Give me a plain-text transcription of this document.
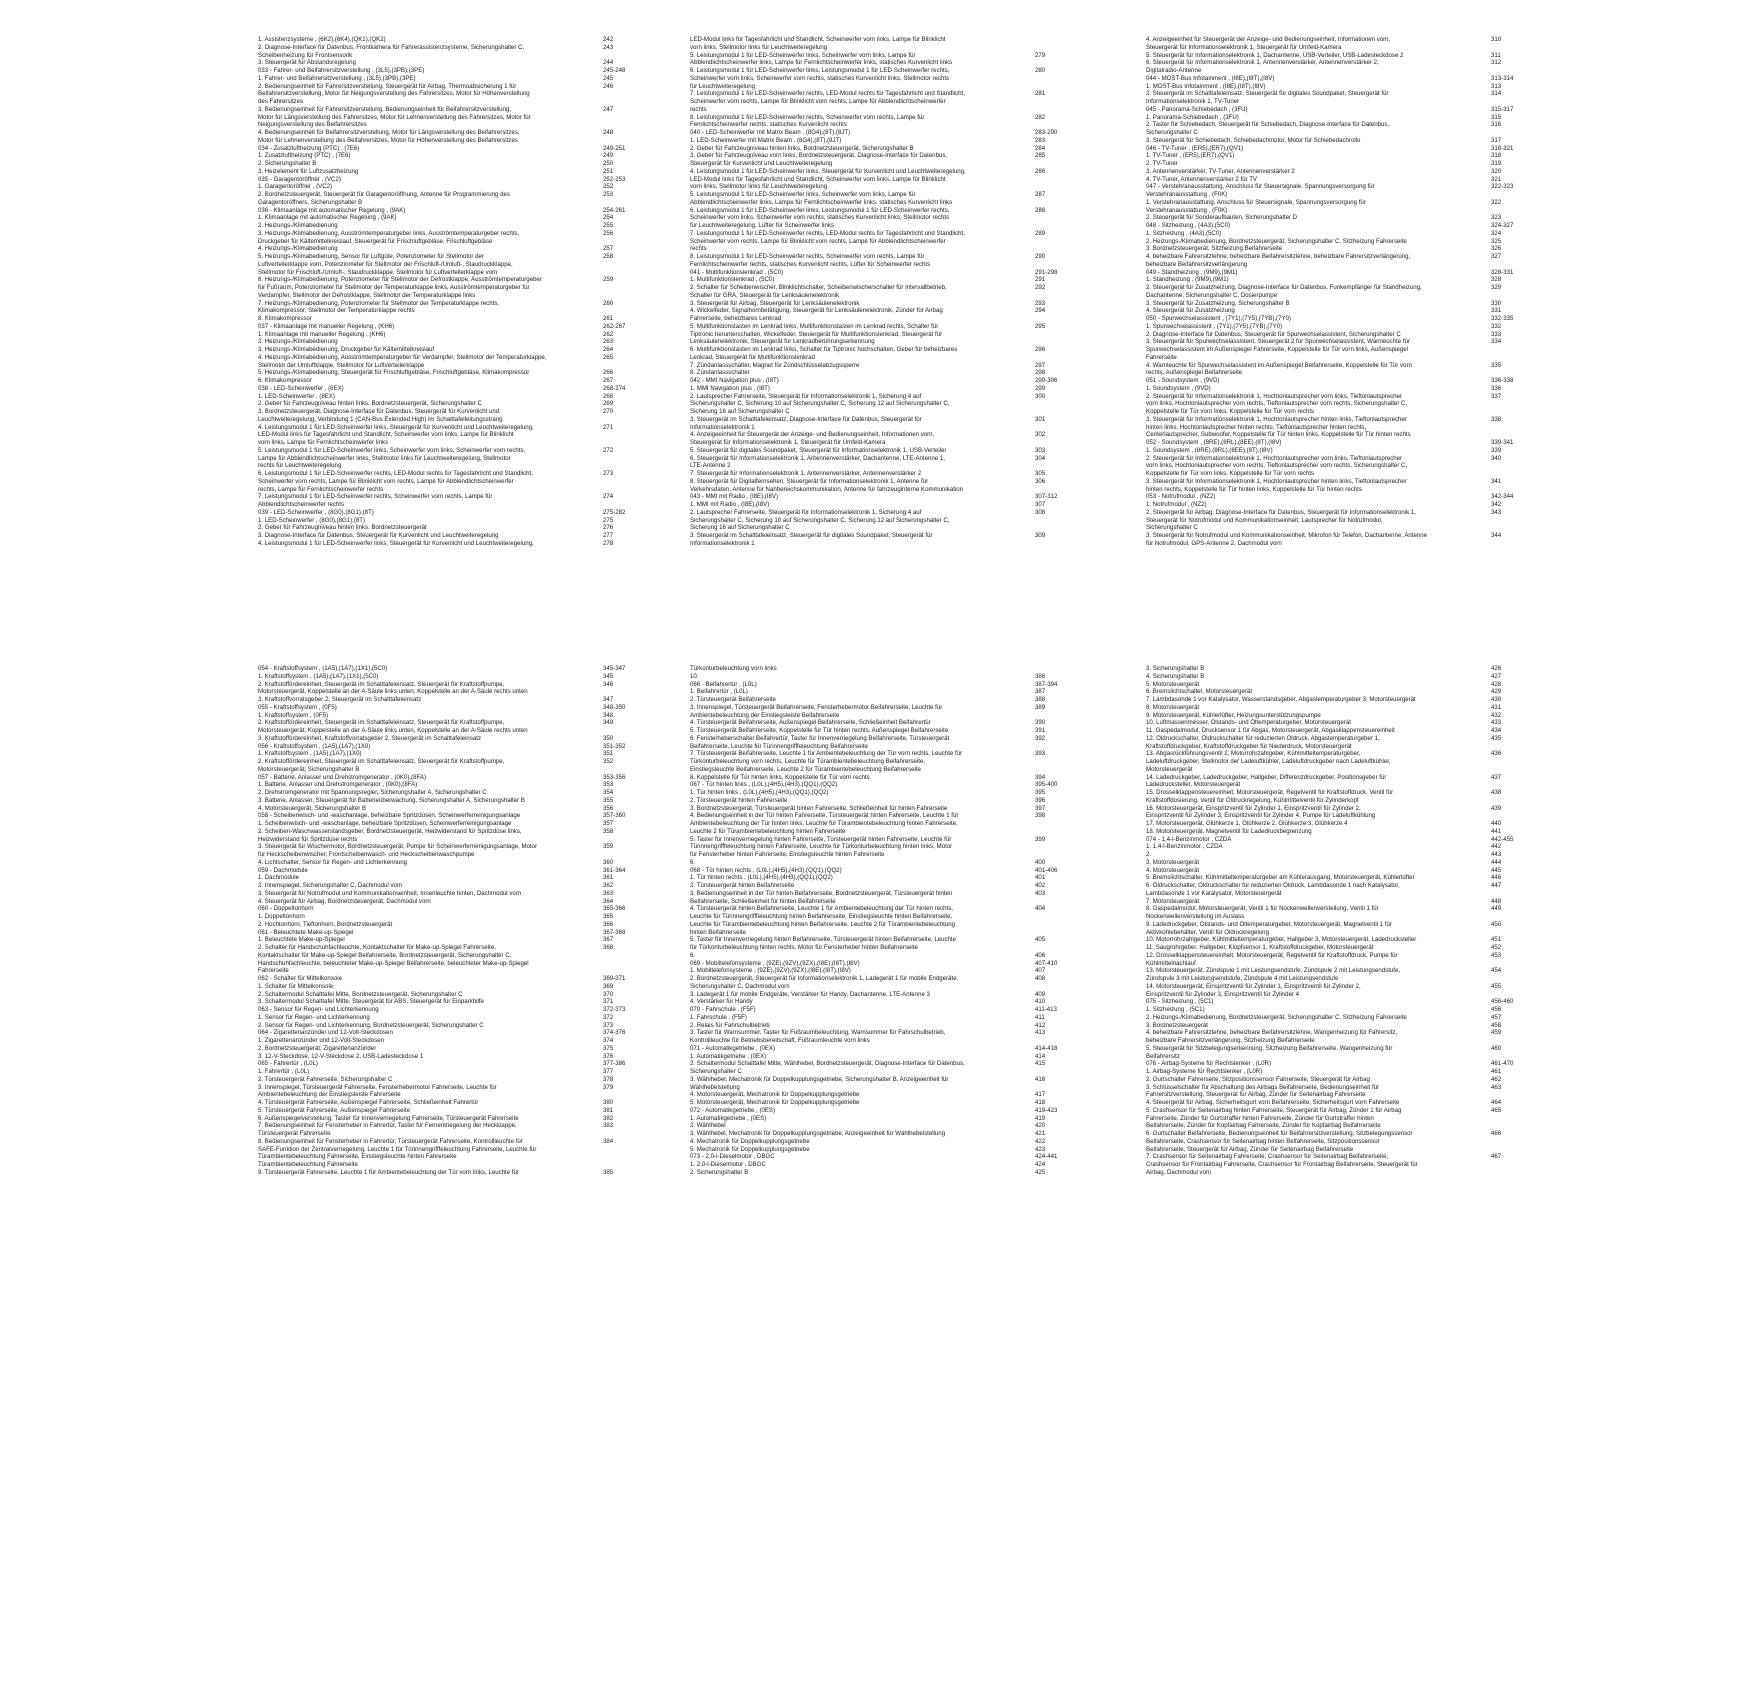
1. Assistenzsysteme , (6K2),(6K4),(QK1),(QK2)	242
2. Diagnose-Interface für Datenbus, Frontkamera für Fahrerassistenzsysteme, Sicherungshalter C,	243
Scheibenheizung für Frontsensorik
3. Steuergerät für Abstandsregelung	244
033 - Fahrer- und Beifahrersitzverstellung , (3L5),(3PB),(3PE)	245-248
1. Fahrer- und Beifahrersitzverstellung , (3L5),(3PB),(3PE)	245
2. Bedienungseinheit für Fahrersitzverstellung, Steuergerät für Airbag, Thermoabsicherung 1 für	246
Beifahrersitzverstellung, Motor für Neigungsverstellung des Fahrersitzes, Motor für Höhenverstellung
des Fahrersitzes
3. Bedienungseinheit für Fahrersitzverstellung, Bedienungseinheit für Beifahrersitzverstellung,	247
Motor für Längsverstellung des Fahrersitzes, Motor für Lehnenverstellung des Fahrersitzes, Motor für
Neigungsverstellung des Beifahrersitzes
4. Bedienungseinheit für Beifahrersitzverstellung, Motor für Längsverstellung des Beifahrersitzes,	248
Motor für Lehnenverstellung des Beifahrersitzes, Motor für Höhenverstellung des Beifahrersitzes
034 - Zusatzluftheizung (PTC) , (7E6)	249-251
1. Zusatzluftheizung (PTC) , (7E6)	249
2. Sicherungshalter B	250
3. Heizelement für Luftzusatzheizung	251
035 - Garagentoröffner , (VC2)	252-253
1. Garagentoröffner , (VC2)	252
2. Bordnetzsteuergerät, Steuergerät für Garagentoröffnung, Antenne für Programmierung des	253
Garagentoröffners, Sicherungshalter B
036 - Klimaanlage mit automatischer Regelung , (9AK)	254-261
1. Klimaanlage mit automatischer Regelung , (9AK)	254
2. Heizungs-/Klimabedienung	255
3. Heizungs-/Klimabedienung, Ausströmtemperaturgeber links, Ausströmtemperaturgeber rechts,	256
Druckgeber für Kältemittelkreislauf, Steuergerät für Frischluftgebläse, Frischluftgebläse
4. Heizungs-/Klimabedienung	257
5. Heizungs-/Klimabedienung, Sensor für Luftgüte, Potenziometer für Stellmotor der	258
Luftverteilerklappe vorn, Potenziometer für Stellmotor der Frischluft-/Umluft-, Staudruckklappe,
Stellmotor für Frischluft-/Umluft-, Staudruckklappe, Stellmotor für Luftverteilerklappe vorn
6. Heizungs-/Klimabedienung, Potenziometer für Stellmotor der Defrostklappe, Ausströmtemperaturgeber	259
für Fußraum, Potenziometer für Stellmotor der Temperaturklappe links, Ausströmtemperaturgeber für
Verdampfer, Stellmotor der Defrostklappe, Stellmotor der Temperaturklappe links
7. Heizungs-/Klimabedienung, Potenziometer für Stellmotor der Temperaturklappe rechts,	260
Klimakompressor, Stellmotor der Temperaturklappe rechts
8. Klimakompressor	261
037 - Klimaanlage mit manueller Regelung , (KH6)	262-267
1. Klimaanlage mit manueller Regelung , (KH6)	262
2. Heizungs-/Klimabedienung	263
3. Heizungs-/Klimabedienung, Druckgeber für Kältemittelkreislauf	264
4. Heizungs-/Klimabedienung, Ausströmtemperaturgeber für Verdampfer, Stellmotor der Temperaturklappe,	265
Stellmotor der Umluftklappe, Stellmotor für Luftverteilerklappe
5. Heizungs-/Klimabedienung, Steuergerät für Frischluftgebläse, Frischluftgebläse, Klimakompressor	266
6. Klimakompressor	267
038 - LED-Scheinwerfer , (8EX)	268-274
1. LED-Scheinwerfer , (8EX)	268
2. Geber für Fahrzeugniveau hinten links, Bordnetzsteuergerät, Sicherungshalter C	269
3. Bordnetzsteuergerät, Diagnose-Interface für Datenbus, Steuergerät für Kurvenlicht und	270
Leuchtweiteregelung, Verbindung 1 (CAN-Bus Extended High) im Schalttafelleitungsstrang
4. Leistungsmodul 1 für LED-Scheinwerfer links, Steuergerät für Kurvenlicht und Leuchtweiteregelung,	271
LED-Modul links für Tagesfahrlicht und Standlicht, Scheinwerfer vorn links, Lampe für Blinklicht
vorn links, Lampe für Fernlichtscheinwerfer links
5. Leistungsmodul 1 für LED-Scheinwerfer links, Scheinwerfer vorn links, Scheinwerfer vorn rechts,	272
Lampe für Abblendlichtscheinwerfer links, Stellmotor links für Leuchtweiteregelung, Stellmotor
rechts für Leuchtweiteregelung
6. Leistungsmodul 1 für LED-Scheinwerfer rechts, LED-Modul rechts für Tagesfahrlicht und Standlicht,	273
Scheinwerfer vorn rechts, Lampe für Blinklicht vorn rechts, Lampe für Abblendlichtscheinwerfer
rechts, Lampe für Fernlichtscheinwerfer rechts
7. Leistungsmodul 1 für LED-Scheinwerfer rechts, Scheinwerfer vorn rechts, Lampe für	274
Abblendlichtscheinwerfer rechts
039 - LED-Scheinwerfer , (8G0),(8G1),(8T)	275-282
1. LED-Scheinwerfer , (8G0),(8G1),(8T)	275
2. Geber für Fahrzeugniveau hinten links, Bordnetzsteuergerät	276
3. Diagnose-Interface für Datenbus, Steuergerät für Kurvenlicht und Leuchtweiteregelung	277
4. Leistungsmodul 1 für LED-Scheinwerfer links, Steuergerät für Kurvenlicht und Leuchtweiteregelung,	278
LED-Modul links für Tagesfahrlicht und Standlicht, Scheinwerfer vorn links, Lampe für Blinklicht
vorn links, Stellmotor links für Leuchtweiteregelung
5. Leistungsmodul 1 für LED-Scheinwerfer links, Scheinwerfer vorn links, Lampe für	279
Abblendlichtscheinwerfer links, Lampe für Fernlichtscheinwerfer links, statisches Kurvenlicht links
6. Leistungsmodul 1 für LED-Scheinwerfer links, Leistungsmodul 1 für LED-Scheinwerfer rechts,	280
Scheinwerfer vorn links, Scheinwerfer vorn rechts, statisches Kurvenlicht links, Stellmotor rechts
für Leuchtweiteregelung
7. Leistungsmodul 1 für LED-Scheinwerfer rechts, LED-Modul rechts für Tagesfahrlicht und Standlicht,	281
Scheinwerfer vorn rechts, Lampe für Blinklicht vorn rechts, Lampe für Abblendlichtscheinwerfer
rechts
8. Leistungsmodul 1 für LED-Scheinwerfer rechts, Scheinwerfer vorn rechts, Lampe für	282
Fernlichtscheinwerfer rechts, statisches Kurvenlicht rechts
040 - LED-Scheinwerfer mit Matrix Beam , (8G4),(8T),(8JT)	283-290
1. LED-Scheinwerfer mit Matrix Beam , (8G4),(8T),(8JT)	283
2. Geber für Fahrzeugniveau hinten links, Bordnetzsteuergerät, Sicherungshalter B	284
3. Geber für Fahrzeugniveau vorn links, Bordnetzsteuergerät, Diagnose-Interface für Datenbus,	285
Steuergerät für Kurvenlicht und Leuchtweiteregelung
4. Leistungsmodul 1 für LED-Scheinwerfer links, Steuergerät für Kurvenlicht und Leuchtweiteregelung,	286
LED-Modul links für Tagesfahrlicht und Standlicht, Scheinwerfer vorn links, Lampe für Blinklicht
vorn links, Stellmotor links für Leuchtweiteregelung
5. Leistungsmodul 1 für LED-Scheinwerfer links, Scheinwerfer vorn links, Lampe für	287
Abblendlichtscheinwerfer links, Lampe für Fernlichtscheinwerfer links, statisches Kurvenlicht links
6. Leistungsmodul 1 für LED-Scheinwerfer links, Leistungsmodul 1 für LED-Scheinwerfer rechts,	288
Scheinwerfer vorn links, Scheinwerfer vorn rechts, statisches Kurvenlicht links, Stellmotor rechts
für Leuchtweiteregelung, Lüfter für Scheinwerfer links
7. Leistungsmodul 1 für LED-Scheinwerfer rechts, LED-Modul rechts für Tagesfahrlicht und Standlicht,	289
Scheinwerfer vorn rechts, Lampe für Blinklicht vorn rechts, Lampe für Abblendlichtscheinwerfer
rechts
8. Leistungsmodul 1 für LED-Scheinwerfer rechts, Scheinwerfer vorn rechts, Lampe für	290
Fernlichtscheinwerfer rechts, statisches Kurvenlicht rechts, Lüfter für Scheinwerfer rechts
041 - Multifunktionslenkrad , (5C0)	291-298
1. Multifunktionslenkrad , (5C0)	291
2. Schalter für Scheibenwischer, Blinklichtschalter, Scheibenwischerschalter für Intervallbetrieb,	292
Schalter für GRA, Steuergerät für Lenksäulenelektronik
3. Steuergerät für Airbag, Steuergerät für Lenksäulenelektronik	293
4. Wickelfeder, Signalhornbetätigung, Steuergerät für Lenksäulenelektronik, Zünder für Airbag	294
Fahrerseite, beheizbares Lenkrad
5. Multifunktionstasten im Lenkrad links, Multifunktionstasten im Lenkrad rechts, Schalter für	295
Tiptronic herunterschalten, Wickelfeder, Steuergerät für Multifunktionslenkrad, Steuergerät für
Lenksäulenelektronik, Steuergerät für Lenkradberührungserkennung
6. Multifunktionstasten im Lenkrad links, Schalter für Tiptronic hochschalten, Geber für beheizbares	296
Lenkrad, Steuergerät für Multifunktionslenkrad
7. Zündanlassschalter, Magnet für Zündschlüsselabzugssperre	297
8. Zündanlassschalter	298
042 - MMI Navigation plus , (I8T)	299-306
1. MMI Navigation plus , (I8T)	299
2. Lautsprecher Fahrerseite, Steuergerät für Informationselektronik 1, Sicherung 4 auf	300
Sicherungshalter C, Sicherung 10 auf Sicherungshalter C, Sicherung 12 auf Sicherungshalter C,
Sicherung 16 auf Sicherungshalter C
3. Steuergerät im Schalttafeleinsatz, Diagnose-Interface für Datenbus, Steuergerät für	301
Informationselektronik 1
4. Anzeigeeinheit für Steuergerät der Anzeige- und Bedienungseinheit, Informationen vorn,	302
Steuergerät für Informationselektronik 1, Steuergerät für Umfeld-Kamera
5. Steuergerät für digitales Soundpaket, Steuergerät für Informationselektronik 1, USB-Verteiler	303
6. Steuergerät für Informationselektronik 1, Antennenverstärker, Dachantenne, LTE-Antenne 1,	304
LTE-Antenne 2
7. Steuergerät für Informationselektronik 1, Antennenverstärker, Antennenverstärker 2	305
8. Steuergerät für Digitalfernsehen, Steuergerät für Informationselektronik 1, Antenne für	306
Verkehrsdaten, Antenne für Nahbereichskommunikation, Antenne für fahrzeuginterne Kommunikation
043 - MMI mit Radio , (I8E),(I8V)	307-312
1. MMI mit Radio , (I8E),(I8V)	307
2. Lautsprecher Fahrerseite, Steuergerät für Informationselektronik 1, Sicherung 4 auf	308
Sicherungshalter C, Sicherung 10 auf Sicherungshalter C, Sicherung 12 auf Sicherungshalter C,
Sicherung 16 auf Sicherungshalter C
3. Steuergerät im Schalttafeleinsatz, Steuergerät für digitales Soundpaket, Steuergerät für	309
Informationselektronik 1
4. Anzeigeeinheit für Steuergerät der Anzeige- und Bedienungseinheit, Informationen vorn,	310
Steuergerät für Informationselektronik 1, Steuergerät für Umfeld-Kamera
5. Steuergerät für Informationselektronik 1, Dachantenne, USB-Verteiler, USB-Ladesteckdose 2	311
6. Steuergerät für Informationselektronik 1, Antennenverstärker, Antennenverstärker 2,	312
Digitalradio-Antenne
044 - MOST-Bus Infotainment , (I8E),(I8T),(I8V)	313-314
1. MOST-Bus Infotainment , (I8E),(I8T),(I8V)	313
2. Steuergerät im Schalttafeleinsatz, Steuergerät für digitales Soundpaket, Steuergerät für	314
Informationselektronik 1, TV-Tuner
045 - Panorama-Schiebedach , (3FU)	315-317
1. Panorama-Schiebedach , (3FU)	315
2. Taster für Schiebedach, Steuergerät für Schiebedach, Diagnose-Interface für Datenbus,	316
Sicherungshalter C
3. Steuergerät für Schiebedach, Schiebedachmotor, Motor für Schiebedachrollo	317
046 - TV-Tuner , (ER5),(ER7),(QV1)	318-321
1. TV-Tuner , (ER5),(ER7),(QV1)	318
2. TV-Tuner	319
3. Antennenverstärker, TV-Tuner, Antennenverstärker 2	320
4. TV-Tuner, Antennenverstärker 2 für TV	321
047 - Verstehranausstattung, Anschluss für Steuersignale, Spannungsversorgung für	322-323
Verstehranausstattung , (F0K)
1. Verstehranausstattung, Anschluss für Steuersignale, Spannungsversorgung für	322
Verstehranausstattung , (F0K)
2. Steuergerät für Sonderaufbauten, Sicherungshalter D	323
048 - Sitzheizung , (4A3),(5C0)	324-327
1. Sitzheizung , (4A3),(5C0)	324
2. Heizungs-/Klimabedienung, Bordnetzsteuergerät, Sicherungshalter C, Sitzheizung Fahrerseite	325
3. Bordnetzsteuergerät, Sitzheizung Beifahrerseite	326
4. beheizbare Fahrersitzlehne, beheizbare Beifahrersitzlehne, beheizbare Fahrersitzverlängerung,	327
beheizbare Beifahrersitzverlängerung
049 - Standheizung , (9M9),(9M1)	328-331
1. Standheizung , (9M9),(9M1)	328
2. Steuergerät für Zusatzheizung, Diagnose-Interface für Datenbus, Funkempfänger für Standheizung,	329
Dachantenne, Sicherungshalter C, Dosierpumpe
3. Steuergerät für Zusatzheizung, Sicherungshalter B	330
4. Steuergerät für Zusatzheizung	331
050 - Spurwechselassistent , (7Y1),(7Y5),(7YB),(7Y0)	332-335
1. Spurwechselassistent , (7Y1),(7Y5),(7YB),(7Y0)	332
2. Diagnose-Interface für Datenbus, Steuergerät für Spurwechselassistent, Sicherungshalter C	333
3. Steuergerät für Spurwechselassistent, Steuergerät 2 für Spurwechselassistent, Warnleuchte für	334
Spurwechselassistent im Außenspiegel Fahrerseite, Koppelstelle für Tür vorn links, Außenspiegel
Fahrerseite
4. Warnleuchte für Spurwechselassistent im Außenspiegel Beifahrerseite, Koppelstelle für Tür vorn	335
rechts, Außenspiegel Beifahrerseite
051 - Soundsystem , (9VD)	336-338
1. Soundsystem , (9VD)	336
2. Steuergerät für Informationselektronik 1, Hochtonlautsprecher vorn links, Tieftonlautsprecher	337
vorn links, Hochtonlautsprecher vorn rechts, Tieftonlautsprecher vorn rechts, Sicherungshalter C,
Koppelstelle für Tür vorn links, Koppelstelle für Tür vorn rechts
3. Steuergerät für Informationselektronik 1, Hochtonlautsprecher hinten links, Tieftonlautsprecher	338
hinten links, Hochtonlautsprecher hinten rechts, Tieftonlautsprecher hinten rechts,
Centerlautsprecher, Subwoofer, Koppelstelle für Tür hinten links, Koppelstelle für Tür hinten rechts
052 - Soundsystem , (8RE),(8RL),(8EE),(8T),(I8V)	339-341
1. Soundsystem , (8RE),(8RL),(8EE),(8T),(I8V)	339
2. Steuergerät für Informationselektronik 1, Hochtonlautsprecher vorn links, Tieftonlautsprecher	340
vorn links, Hochtonlautsprecher vorn rechts, Tieftonlautsprecher vorn rechts, Sicherungshalter C,
Koppelstelle für Tür vorn links, Koppelstelle für Tür vorn rechts
3. Steuergerät für Informationselektronik 1, Hochtonlautsprecher hinten links, Tieftonlautsprecher	341
hinten rechts, Koppelstelle für Tür hinten links, Koppelstelle für Tür hinten rechts
053 - Notrufmodul , (NZ2)	342-344
1. Notrufmodul , (NZ2)	342
2. Steuergerät für Airbag, Diagnose-Interface für Datenbus, Steuergerät für Informationselektronik 1,	343
Steuergerät für Notrufmodul und Kommunikationseinheit, Lautsprecher für Notrufmodul,
Sicherungshalter C
3. Steuergerät für Notrufmodul und Kommunikationseinheit, Mikrofon für Telefon, Dachantenne, Antenne	344
für Notrufmodul, GPS-Antenne 2, Dachmodul vorn
054 - Kraftstoffsystem , (1A5),(1A7),(1X1),(5C0)	345-347
1. Kraftstoffsystem , (1A5),(1A7),(1X1),(5C0)	345
2. Kraftstoffördereinheit, Steuergerät im Schalttafeleinsatz, Steuergerät für Kraftstoffpumpe,	346
Motorsteuergerät, Koppelstelle an der A-Säule links unten, Koppelstelle an der A-Säule rechts unten
3. Kraftstoffvorratsgeber 2, Steuergerät im Schalttafeleinsatz	347
055 - Kraftstoffsystem , (0F5)	348-350
1. Kraftstoffsystem , (0F5)	348
2. Kraftstoffördereinheit, Steuergerät im Schalttafeleinsatz, Steuergerät für Kraftstoffpumpe,	349
Motorsteuergerät, Koppelstelle an der A-Säule links unten, Koppelstelle an der A-Säule rechts unten
3. Kraftstoffördereinheit, Kraftstoffvorratsgeber 2, Steuergerät im Schalttafeleinsatz	350
056 - Kraftstoffsystem , (1A5),(1A7),(1X0)	351-352
1. Kraftstoffsystem , (1A5),(1A7),(1X0)	351
2. Kraftstoffördereinheit, Steuergerät im Schalttafeleinsatz, Steuergerät für Kraftstoffpumpe,	352
Motorsteuergerät, Sicherungshalter B
057 - Batterie, Anlasser und Drehstromgenerator , (0K0),(8FA)	353-356
1. Batterie, Anlasser und Drehstromgenerator , (0K0),(8FA)	353
2. Drehstromgenerator mit Spannungsregler, Sicherungshalter A, Sicherungshalter C	354
3. Batterie, Anlasser, Steuergerät für Batterieüberwachung, Sicherungshalter A, Sicherungshalter B	355
4. Motorsteuergerät, Sicherungshalter B	356
058 - Scheibenwisch- und -waschanlage, beheizbare Spritzdüsen, Scheinwerferreinigungsanlage	357-360
1. Scheibenwisch- und -waschanlage, beheizbare Spritzdüsen, Scheinwerferreinigungsanlage	357
2. Scheiben-Waschwasserstandsgeber, Bordnetzsteuergerät, Heizwiderstand für Spritzdüse links,	358
Heizwiderstand für Spritzdüse rechts
3. Steuergerät für Wischermotor, Bordnetzsteuergerät, Pumpe für Scheinwerferreinigungsanlage, Motor	359
für Heckscheibenwischer, Frontscheibenwasch- und Heckscheibenwaschpumpe
4. Lichtschalter, Sensor für Regen- und Lichterkennung	360
059 - Dachmodule	361-364
1. Dachmodule	361
2. Innenspiegel, Sicherungshalter C, Dachmodul vorn	362
3. Steuergerät für Notrufmodul und Kommunikationseinheit, Innenleuchte hinten, Dachmodul vorn	363
4. Steuergerät für Airbag, Bordnetzsteuergerät, Dachmodul vorn	364
060 - Doppeltonhorn	365-366
1. Doppeltonhorn	365
2. Hochtonhorn, Tieftonhorn, Bordnetzsteuergerät	366
061 - Beleuchtete Make-up-Spiegel	367-368
1. Beleuchtete Make-up-Spiegel	367
2. Schalter für Handschuhfachleuchte, Kontaktschalter für Make-up-Spiegel Fahrerseite,	368
Kontaktschalter für Make-up-Spiegel Beifahrerseite, Bordnetzsteuergerät, Sicherungshalter C,
Handschuhfachleuchte, beleuchteter Make-up-Spiegel Beifahrerseite, beleuchteter Make-up-Spiegel
Fahrerseite
062 - Schalter für Mittelkonsole	369-371
1. Schalter für Mittelkonsole	369
2. Schaltermodul Schalttafel Mitte, Bordnetzsteuergerät, Sicherungshalter C	370
3. Schaltermodul Schalttafel Mitte, Steuergerät für ABS, Steuergerät für Einparkhilfe	371
063 - Sensor für Regen- und Lichterkennung	372-373
1. Sensor für Regen- und Lichterkennung	372
2. Sensor für Regen- und Lichterkennung, Bordnetzsteuergerät, Sicherungshalter C	373
064 - Zigarettenanzünder und 12-Volt-Steckdosen	374-376
1. Zigarettenanzünder und 12-Volt-Steckdosen	374
2. Bordnetzsteuergerät, Zigarettenanzünder	375
3. 12-V-Steckdose, 12-V-Steckdose 2, USB-Ladesteckdose 1	376
065 - Fahrertür , (L0L)	377-386
1. Fahrertür , (L0L)	377
2. Türsteuergerät Fahrerseite, Sicherungshalter C	378
3. Innenspiegel, Türsteuergerät Fahrerseite, Fensterhebermotor Fahrerseite, Leuchte für	379
Ambientebeleuchtung der Einstiegsleiste Fahrerseite
4. Türsteuergerät Fahrerseite, Außenspiegel Fahrerseite, Schließeinheit Fahrertür	380
5. Türsteuergerät Fahrerseite, Außenspiegel Fahrerseite	381
6. Außenspiegelverstellung, Taster für Innenverriegelung Fahrerseite, Türsteuergerät Fahrerseite	382
7. Bedienungseinheit für Fensterheber in Fahrertür, Taster für Fernentriegelung der Heckklappe,	383
Türsteuergerät Fahrerseite
8. Bedienungseinheit für Fensterheber in Fahrertür, Türsteuergerät Fahrerseite, Kontrollleuchte für	384
SAFE-Funktion der Zentralverriegelung, Leuchte 1 für Türinnengrifffeleuchtung Fahrerseite, Leuchte für
Türambientebeleuchtung Fahrerseite, Einstiegsleuchte hinten Fahrerseite
Türambientebeleuchtung Fahrerseite
9. Türsteuergerät Fahrerseite, Leuchte 1 für Ambientebeleuchtung der Tür vorn links, Leuchte für	385
Türkonturbeleuchtung vorn links
10.	386
066 - Beifahrertür , (L0L)	387-394
1. Beifahrertür , (L0L)	387
2. Türsteuergerät Beifahrerseite	388
3. Innenspiegel, Türsteuergerät Beifahrerseite, Fensterhebermotor Beifahrerseite, Leuchte für	389
Ambientebeleuchtung der Einstiegsleiste Beifahrerseite
4. Türsteuergerät Beifahrerseite, Außenspiegel Beifahrerseite, Schließeinheit Beifahrertür	390
5. Türsteuergerät Beifahrerseite, Koppelstelle für Tür hinten rechts, Außenspiegel Beifahrerseite	391
6. Fensterheberschalter Beifahrertür, Taster für Innenverriegelung Beifahrerseite, Türsteuergerät	392
Beifahrerseite, Leuchte für Türinnengrifffeleuchtung Beifahrerseite
7. Türsteuergerät Beifahrerseite, Leuchte 1 für Ambientebeleuchtung der Tür vorn rechts, Leuchte für	393
Türkonturbeleuchtung vorn rechts, Leuchte für Türambientebeleuchtung Beifahrerseite,
Einstiegsleuchte Beifahrerseite, Leuchte 2 für Türambientebeleuchtung Beifahrerseite
8. Koppelstelle für Tür hinten links, Koppelstelle für Tür vorn rechts	394
067 - Tür hinten links , (L0L),(4H5),(4H3),(QQ1),(QQ2)	395-400
1. Tür hinten links , (L0L),(4H5),(4H3),(QQ1),(QQ2)	395
2. Türsteuergerät hinten Fahrerseite	396
3. Bordnetzsteuergerät, Türsteuergerät hinten Fahrerseite, Schließeinheit für hinten Fahrerseite	397
4. Bedienungseinheit in der Tür hinten Fahrerseite, Türsteuergerät hinten Fahrerseite, Leuchte 1 für	398
Ambientebeleuchtung der Tür hinten links, Leuchte für Türambientebeleuchtung hinten Fahrerseite,
Leuchte 2 für Türambientebeleuchtung hinten Fahrerseite
5. Taster für Innenverriegelung hinten Fahrerseite, Türsteuergerät hinten Fahrerseite, Leuchte für	399
Türinnengrifffeleuchtung hinten Fahrerseite, Leuchte für Türkonturbeleuchtung hinten links, Motor
für Fensterheber hinten Fahrerseite, Einstiegsleuchte hinten Fahrerseite
6.	400
068 - Tür hinten rechts , (L0L),(4H5),(4H3),(QQ1),(QQ2)	401-406
1. Tür hinten rechts , (L0L),(4H5),(4H3),(QQ1),(QQ2)	401
2. Türsteuergerät hinten Beifahrerseite	402
3. Bedienungseinheit in der Tür hinten Beifahrerseite, Bordnetzsteuergerät, Türsteuergerät hinten	403
Beifahrerseite, Schließeinheit für hinten Beifahrerseite
4. Türsteuergerät hinten Beifahrerseite, Leuchte 1 für Ambientebeleuchtung der Tür hinten rechts,	404
Leuchte für Türinnengrifffeleuchtung hinten Beifahrerseite, Einstiegsleuchte hinten Beifahrerseite,
Leuchte für Türambientebeleuchtung hinten Beifahrerseite, Leuchte 2 für Türambientebeleuchtung
hinten Beifahrerseite
5. Taster für Innenverriegelung hinten Beifahrerseite, Türsteuergerät hinten Beifahrerseite, Leuchte	405
für Türkonturbeleuchtung hinten rechts, Motor für Fensterheber hinten Beifahrerseite
6.	406
069 - Mobiltelefonsysteme , (9ZE),(9ZV),(9ZX),(I8E),(I8T),(I8V)	407-410
1. Mobiltelefonsysteme , (9ZE),(9ZV),(9ZX),(I8E),(I8T),(I8V)	407
2. Bordnetzsteuergerät, Steuergerät für Informationselektronik 1, Ladegerät 1 für mobile Endgeräte,	408
Sicherungshalter C, Dachmodul vorn
3. Ladegerät 1 für mobile Endgeräte, Verstärker für Handy, Dachantenne, LTE-Antenne 3	409
4. Verstärker für Handy	410
070 - Fahrschule , (F5F)	411-413
1. Fahrschule , (F5F)	411
2. Relais für Fahrschulbetrieb	412
3. Taster für Warnsummer, Taster für Fußraumbeleuchtung, Warnsummer für Fahrschulbetrieb,	413
Kontrollleuchte für Betriebsbereitschaft, Fußraumleuchte vorn links
071 - Automatikgetriebe , (0EX)	414-418
1. Automatikgetriebe , (0EX)	414
2. Schaltermodul Schalttafel Mitte, Wählhebel, Bordnetzsteuergerät, Diagnose-Interface für Datenbus,	415
Sicherungshalter C
3. Wählhebel, Mechatronik für Doppelkupplungsgetriebe, Sicherungshalter B, Anzeigeeinheit für	416
Wählhebelstellung
4. Motorsteuergerät, Mechatronik für Doppelkupplungsgetriebe	417
5. Motorsteuergerät, Mechatronik für Doppelkupplungsgetriebe	418
072 - Automatikgetriebe , (0ES)	419-423
1. Automatikgetriebe , (0ES)	419
2. Wählhebel	420
3. Wählhebel, Mechatronik für Doppelkupplungsgetriebe, Anzeigeeinheit für Wählhebelstellung	421
4. Mechatronik für Doppelkupplungsgetriebe	422
5. Mechatronik für Doppelkupplungsgetriebe	423
073 - 2,0-l-Dieselmotor , DBGC	424-441
1. 2,0-l-Dieselmotor , DBGC	424
2. Sicherungshalter B	425
3. Sicherungshalter B	426
4. Sicherungshalter B	427
5. Motorsteuergerät	428
6. Bremslichtschalter, Motorsteuergerät	429
7. Lambdasonde 1 vor Katalysator, Wasserstandsgeber, Abgastemperaturgeber 3, Motorsteuergerät	430
8. Motorsteuergerät	431
9. Motorsteuergerät, Kühlerlüfter, Heizungsunterstützungspumpe	432
10. Luftmassenmesser, Ölstands- und Öltemperaturgeber, Motorsteuergerät	433
11. Gaspedalmodul, Drucksensor 1 für Abgas, Motorsteuergerät, Abgasklappensteuereinheit	434
12. Öldruckschalter, Öldruckschalter für reduzierten Öldruck, Abgastemperaturgeber 1,	435
Kraftstoffdruckgeber, Kraftstoffdruckgeber für Niederdruck, Motorsteuergerät
13. Abgasrückführungsventil 2, Motorrohrzahlgeber, Kühlmitteltemperaturgeber,	436
Ladeluftdruckgeber, Stellmotor der Ladeluftkühler, Ladeluftdruckgeber nach Ladeluftkühler,
Motorsteuergerät
14. Ladedruckgeber, Ladedruckgeber, Hallgeber, Differenzdruckgeber, Positionsgeber für	437
Ladedrucksteller, Motorsteuergerät
15. Drosselklappensteuereinheit, Motorsteuergerät, Regelventil für Kraftstoffdruck, Ventil für	438
Kraftstoffdosierung, Ventil für Öldruckregelung, Kühlmittelventil für Zylinderkopf
16. Motorsteuergerät, Einspritzventil für Zylinder 1, Einspritzventil für Zylinder 2,	439
Einspritzventil für Zylinder 3, Einspritzventil für Zylinder 4, Pumpe für Ladeluftkühlung
17. Motorsteuergerät, Glühkerze 1, Glühkerze 2, Glühkerze 3, Glühkerze 4	440
18. Motorsteuergerät, Magnetventil für Ladedruckbegrenzung	441
074 - 1,4-l-Benzinmotor , CZDA	442-455
1. 1,4-l-Benzinmotor , CZDA	442
2.	443
3. Motorsteuergerät	444
4. Motorsteuergerät	445
5. Bremslichtschalter, Kühlmitteltemperaturgeber am Kühlerausgang, Motorsteuergerät, Kühlerlüfter	446
6. Öldruckschalter, Öldruckschalter für reduzierten Öldruck, Lambdasonde 1 nach Katalysator,	447
Lambdasonde 1 vor Katalysator, Motorsteuergerät
7. Motorsteuergerät	448
8. Gaspedalmodul, Motorsteuergerät, Ventil 1 für Nockenwellenverstellung, Ventil 1 für	449
Nockenwellenverstellung im Auslass
9. Ladedruckgeber, Ölstands- und Öltemperaturgeber, Motorsteuergerät, Magnetventil 1 für	450
Aktivkohlebehälter, Ventil für Öldruckregelung
10. Motorrohrzahlgeber, Kühlmitteltemperaturgeber, Hallgeber 3, Motorsteuergerät, Ladedrucksteller	451
11. Saugrohrgeber, Hallgeber, Klopfsensor 1, Kraftstoffdruckgeber, Motorsteuergerät	452
12. Drosselklappensteuereinheit, Motorsteuergerät, Regelventil für Kraftstoffdruck, Pumpe für	453
Kühlmittelnachlauf
13. Motorsteuergerät, Zündspule 1 mit Leistungsendstufe, Zündspule 2 mit Leistungsendstufe,	454
Zündspule 3 mit Leistungsendstufe, Zündspule 4 mit Leistungsendstufe
14. Motorsteuergerät, Einspritzventil für Zylinder 1, Einspritzventil für Zylinder 2,	455
Einspritzventil für Zylinder 3, Einspritzventil für Zylinder 4
075 - Sitzheizung , (5C1)	456-460
1. Sitzheizung , (5C1)	456
2. Heizungs-/Klimabedienung, Bordnetzsteuergerät, Sicherungshalter C, Sitzheizung Fahrerseite	457
3. Bordnetzsteuergerät	458
4. beheizbare Fahrersitzlehne, beheizbare Beifahrersitzlehne, Wangenheizung für Fahrersitz,	459
beheizbare Fahrersitzverlängerung, Sitzheizung Beifahrerseite
5. Steuergerät für Sitzbelegungserkennung, Sitzheizung Beifahrerseite, Wangenheizung für	460
Beifahrersitz
076 - Airbag-Systeme für Rechtslenker , (L0R)	461-470
1. Airbag-Systeme für Rechtslenker , (L0R)	461
2. Gurtschalter Fahrerseite, Sitzpositionssensor Fahrerseite, Steuergerät für Airbag	462
3. Schlüsselschalter für Abschaltung des Airbags Beifahrerseite, Bedienungseinheit für	463
Fahrersitzverstellung, Steuergerät für Airbag, Zünder für Seitenairbag Fahrerseite
4. Steuergerät für Airbag, Sicherheitsgurt vorn Beifahrerseite, Sicherheitsgurt vorn Fahrerseite	464
5. Crashsensor für Seitenairbag hinten Fahrerseite, Steuergerät für Airbag, Zünder 1 für Airbag	465
Fahrerseite, Zünder für Gurtstraffer hinten Fahrerseite, Zünder für Gurtstraffer hinten
Beifahrerseite, Zünder für Kopfairbag Fahrerseite, Zünder für Kopfairbag Beifahrerseite
6. Gurtschalter Beifahrerseite, Bedienungseinheit für Beifahrersitzverstellung, Sitzbelegungssensor	466
Beifahrerseite, Crashsensor für Seitenairbag hinten Beifahrerseite, Sitzpositionssensor
Beifahrerseite, Steuergerät für Airbag, Zünder für Seitenairbag Beifahrerseite
7. Crashsensor für Seitenairbag Fahrerseite, Crashsensor für Seitenairbag Beifahrerseite,	467
Crashsensor für Frontairbag Fahrerseite, Crashsensor für Frontairbag Beifahrerseite, Steuergerät für
Airbag, Dachmodul vorn
